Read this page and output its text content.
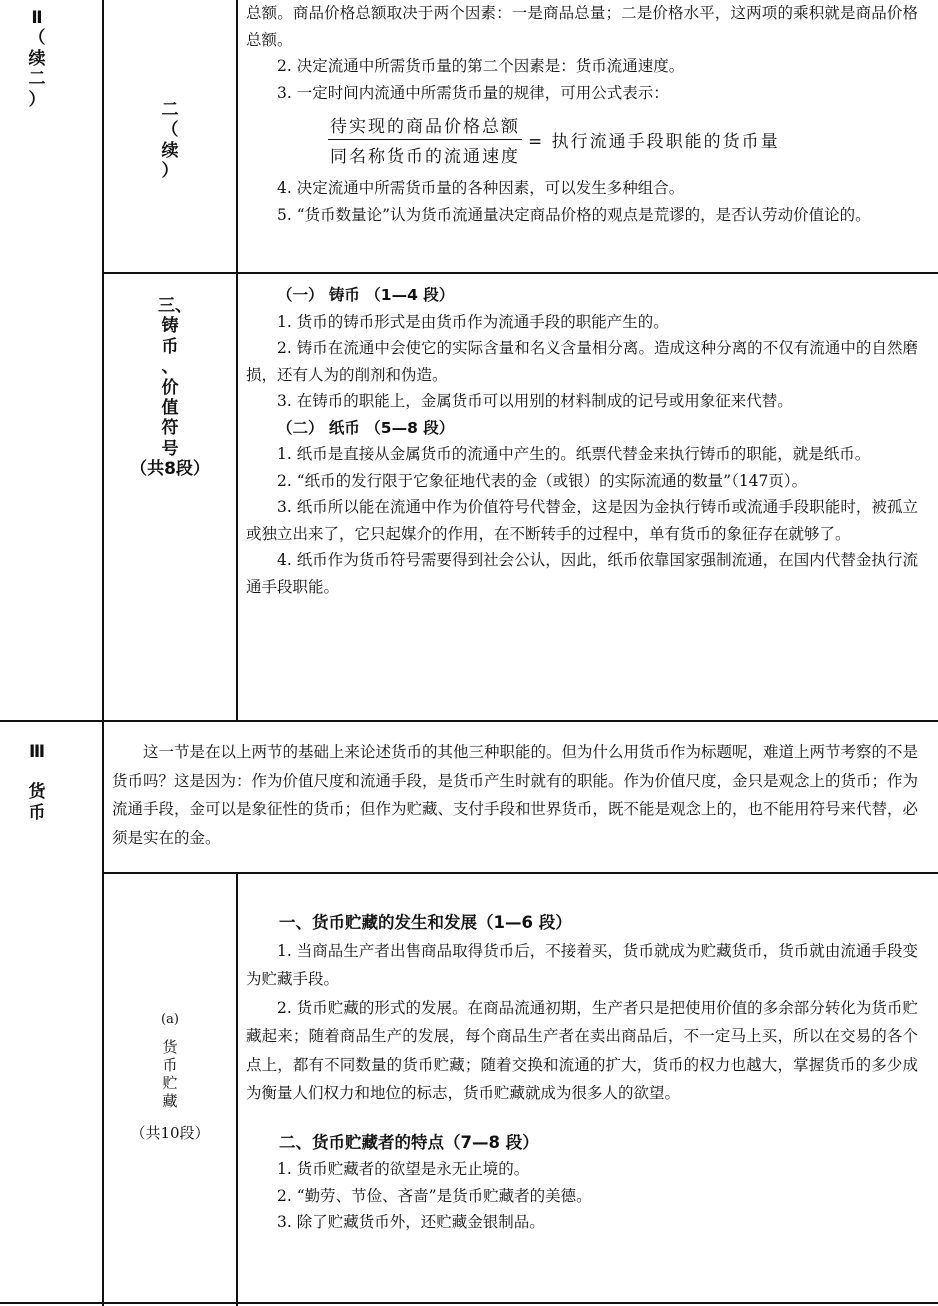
Ⅱ
（
续
二
）
Ⅲ
货
币
二
（
续
）
三、
铸
币
、
价
值
符
号
（共8段）
(a)
货
币
贮
藏
（共10段）

总额。商品价格总额取决于两个因素：一是商品总量；二是价格水平，这两项的乘积就是商品价格总额。

2. 决定流通中所需货币量的第二个因素是：货币流通速度。

3. 一定时间内流通中所需货币量的规律，可用公式表示：

$\frac{\text{待实现的商品价格总额}}{\text{同名称货币的流通速度}}$ = 执行流通手段职能的货币量

4. 决定流通中所需货币量的各种因素，可以发生多种组合。

5. “货币数量论”认为货币流通量决定商品价格的观点是荒谬的，是否认劳动价值论的。

（一） 铸币 （1—4 段）

1. 货币的铸币形式是由货币作为流通手段的职能产生的。

2. 铸币在流通中会使它的实际含量和名义含量相分离。造成这种分离的不仅有流通中的自然磨损，还有人为的削剂和伪造。

3. 在铸币的职能上，金属货币可以用别的材料制成的记号或用象征来代替。

（二） 纸币 （5—8 段）

1. 纸币是直接从金属货币的流通中产生的。纸票代替金来执行铸币的职能，就是纸币。

2. “纸币的发行限于它象征地代表的金（或银）的实际流通的数量”（147页）。

3. 纸币所以能在流通中作为价值符号代替金，这是因为金执行铸币或流通手段职能时，被孤立或独立出来了，它只起媒介的作用，在不断转手的过程中，单有货币的象征存在就够了。

4. 纸币作为货币符号需要得到社会公认，因此，纸币依靠国家强制流通，在国内代替金执行流通手段职能。

这一节是在以上两节的基础上来论述货币的其他三种职能的。但为什么用货币作为标题呢，难道上两节考察的不是货币吗？这是因为：作为价值尺度和流通手段，是货币产生时就有的职能。作为价值尺度，金只是观念上的货币；作为流通手段，金可以是象征性的货币；但作为贮藏、支付手段和世界货币，既不能是观念上的，也不能用符号来代替，必须是实在的金。

一、货币贮藏的发生和发展（1—6 段）

1. 当商品生产者出售商品取得货币后，不接着买，货币就成为贮藏货币，货币就由流通手段变为贮藏手段。

2. 货币贮藏的形式的发展。在商品流通初期，生产者只是把使用价值的多余部分转化为货币贮藏起来；随着商品生产的发展，每个商品生产者在卖出商品后，不一定马上买，所以在交易的各个点上，都有不同数量的货币贮藏；随着交换和流通的扩大，货币的权力也越大，掌握货币的多少成为衡量人们权力和地位的标志，货币贮藏就成为很多人的欲望。

二、货币贮藏者的特点（7—8 段）

1. 货币贮藏者的欲望是永无止境的。

2. “勤劳、节俭、吝啬”是货币贮藏者的美德。

3. 除了贮藏货币外，还贮藏金银制品。
